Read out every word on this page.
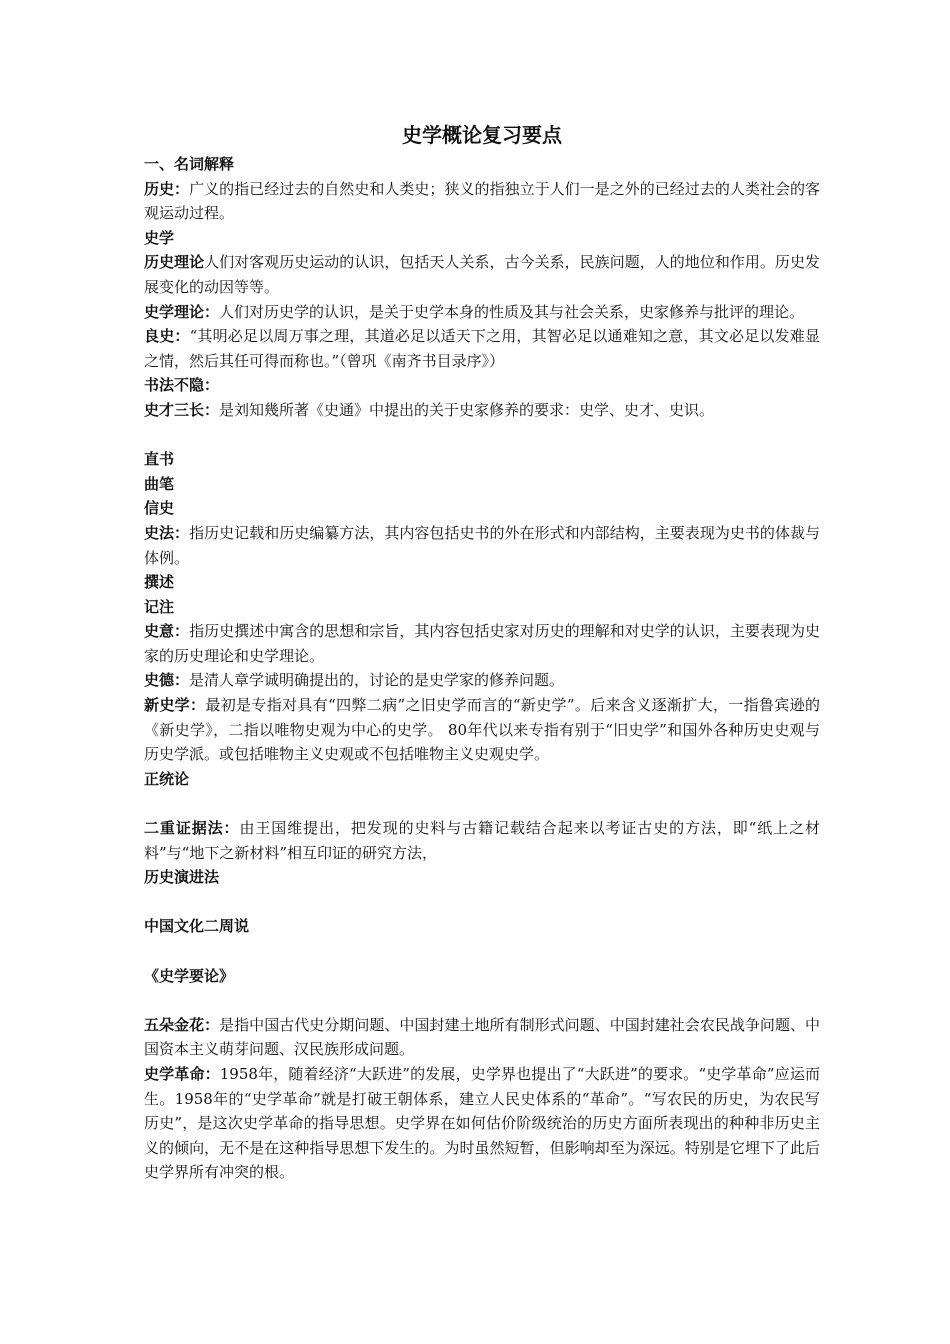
史学概论复习要点
一、名词解释

历史：广义的指已经过去的自然史和人类史；狭义的指独立于人们一是之外的已经过去的人类社会的客观运动过程。

史学

历史理论人们对客观历史运动的认识，包括天人关系，古今关系，民族问题，人的地位和作用。历史发展变化的动因等等。

史学理论：人们对历史学的认识，是关于史学本身的性质及其与社会关系，史家修养与批评的理论。

良史：“其明必足以周万事之理，其道必足以适天下之用，其智必足以通难知之意，其文必足以发难显之情，然后其任可得而称也。”（曾巩《南齐书目录序》）

书法不隐：

史才三长：是刘知幾所著《史通》中提出的关于史家修养的要求：史学、史才、史识。

直书

曲笔

信史

史法：指历史记载和历史编纂方法，其内容包括史书的外在形式和内部结构，主要表现为史书的体裁与体例。

撰述

记注

史意：指历史撰述中寓含的思想和宗旨，其内容包括史家对历史的理解和对史学的认识，主要表现为史家的历史理论和史学理论。

史德：是清人章学诚明确提出的，讨论的是史学家的修养问题。

新史学：最初是专指对具有“四弊二病”之旧史学而言的“新史学”。后来含义逐渐扩大，一指鲁宾逊的《新史学》，二指以唯物史观为中心的史学。 80年代以来专指有别于“旧史学”和国外各种历史史观与历史学派。或包括唯物主义史观或不包括唯物主义史观史学。

正统论

二重证据法：由王国维提出，把发现的史料与古籍记载结合起来以考证古史的方法，即“纸上之材料”与“地下之新材料”相互印证的研究方法，

历史演进法

中国文化二周说

《史学要论》

五朵金花：是指中国古代史分期问题、中国封建土地所有制形式问题、中国封建社会农民战争问题、中国资本主义萌芽问题、汉民族形成问题。

史学革命：1958年，随着经济“大跃进”的发展，史学界也提出了“大跃进”的要求。“史学革命”应运而生。1958年的“史学革命”就是打破王朝体系，建立人民史体系的“革命”。“写农民的历史，为农民写历史”，是这次史学革命的指导思想。史学界在如何估价阶级统治的历史方面所表现出的种种非历史主义的倾向，无不是在这种指导思想下发生的。为时虽然短暂，但影响却至为深远。特别是它埋下了此后史学界所有冲突的根。
